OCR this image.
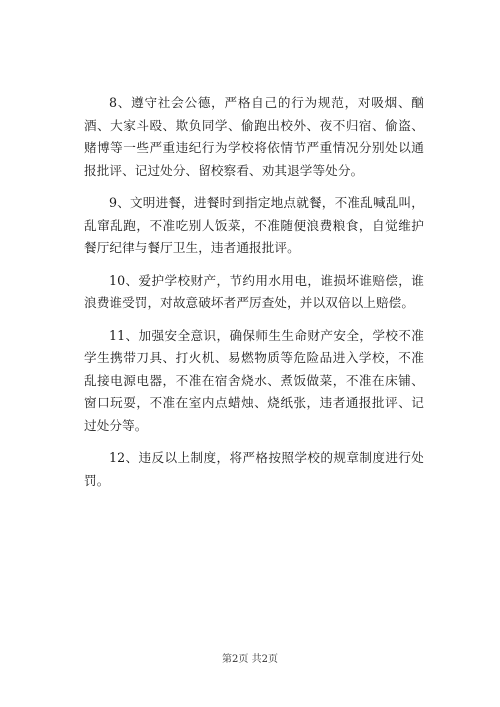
8、遵守社会公德，严格自己的行为规范，对吸烟、酗酒、大家斗殴、欺负同学、偷跑出校外、夜不归宿、偷盗、赌博等一些严重违纪行为学校将依情节严重情况分别处以通报批评、记过处分、留校察看、劝其退学等处分。

9、文明进餐，进餐时到指定地点就餐，不准乱喊乱叫，乱窜乱跑，不准吃别人饭菜，不准随便浪费粮食，自觉维护餐厅纪律与餐厅卫生，违者通报批评。

10、爱护学校财产，节约用水用电，谁损坏谁赔偿，谁浪费谁受罚，对故意破坏者严厉查处，并以双倍以上赔偿。

11、加强安全意识，确保师生生命财产安全，学校不准学生携带刀具、打火机、易燃物质等危险品进入学校，不准乱接电源电器，不准在宿舍烧水、煮饭做菜，不准在床铺、窗口玩耍，不准在室内点蜡烛、烧纸张，违者通报批评、记过处分等。

12、违反以上制度，将严格按照学校的规章制度进行处罚。

第2页 共2页
